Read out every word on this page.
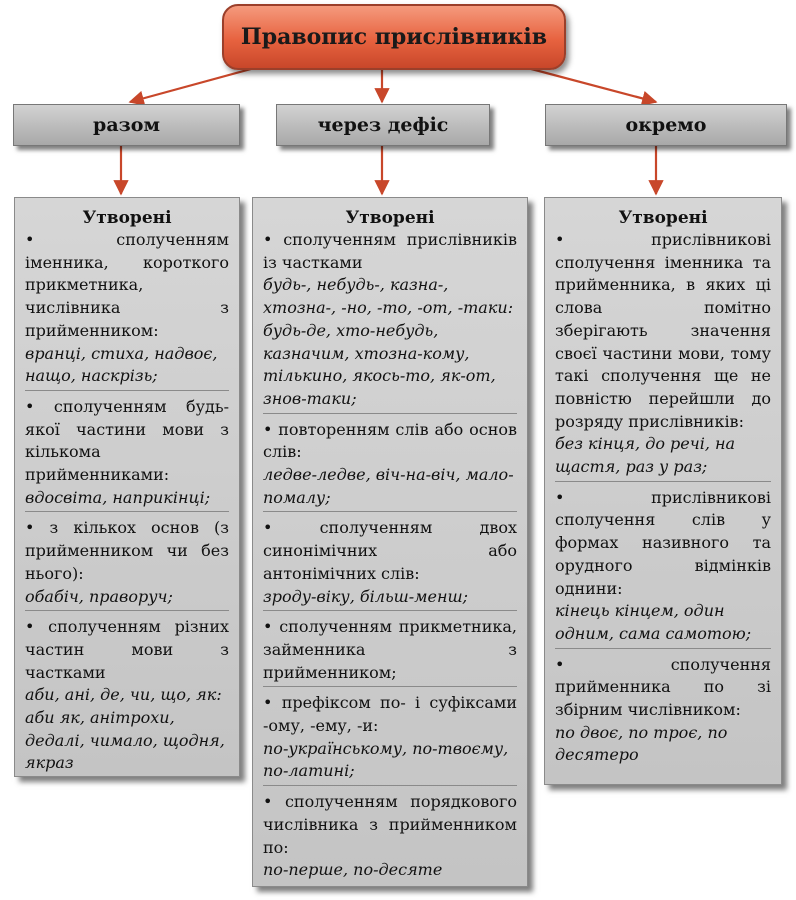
Правопис прислівників
разом	через дефіс	окремо
Утворені
• сполученням іменника, короткого прикметника, числівника з прийменником:
вранці, стиха, надвоє, нащо, наскрізь;
• сполученням будь-якої частини мови з кількома прийменниками:
вдосвіта, наприкінці;
• з кількох основ (з прийменником чи без нього):
обабіч, праворуч;
• сполученням різних частин мови з частками
аби, ані, де, чи, що, як: аби як, анітрохи, дедалі, чимало, щодня, якраз
Утворені
• сполученням прислівників із частками
будь-, небудь-, казна-, хтозна-, -но, -то, -от, -таки: будь-де, хто-небудь, казначим, хтозна-кому, тількино, якось-то, як-от, знов-таки;
• повторенням слів або основ слів:
ледве-ледве, віч-на-віч, мало-помалу;
• сполученням двох синонімічних або антонімічних слів:
зроду-віку, більш-менш;
• сполученням прикметника, займенника з прийменником;
• префіксом по- і суфіксами -ому, -ему, -и:
по-українському, по-твоєму, по-латині;
• сполученням порядкового числівника з прийменником по:
по-перше, по-десяте
Утворені
• прислівникові сполучення іменника та прийменника, в яких ці слова помітно зберігають значення своєї частини мови, тому такі сполучення ще не повністю перейшли до розряду прислівників:
без кінця, до речі, на щастя, раз у раз;
• прислівникові сполучення слів у формах називного та орудного відмінків однини:
кінець кінцем, один одним, сама самотою;
• сполучення прийменника по зі збірним числівником:
по двоє, по троє, по десятеро
